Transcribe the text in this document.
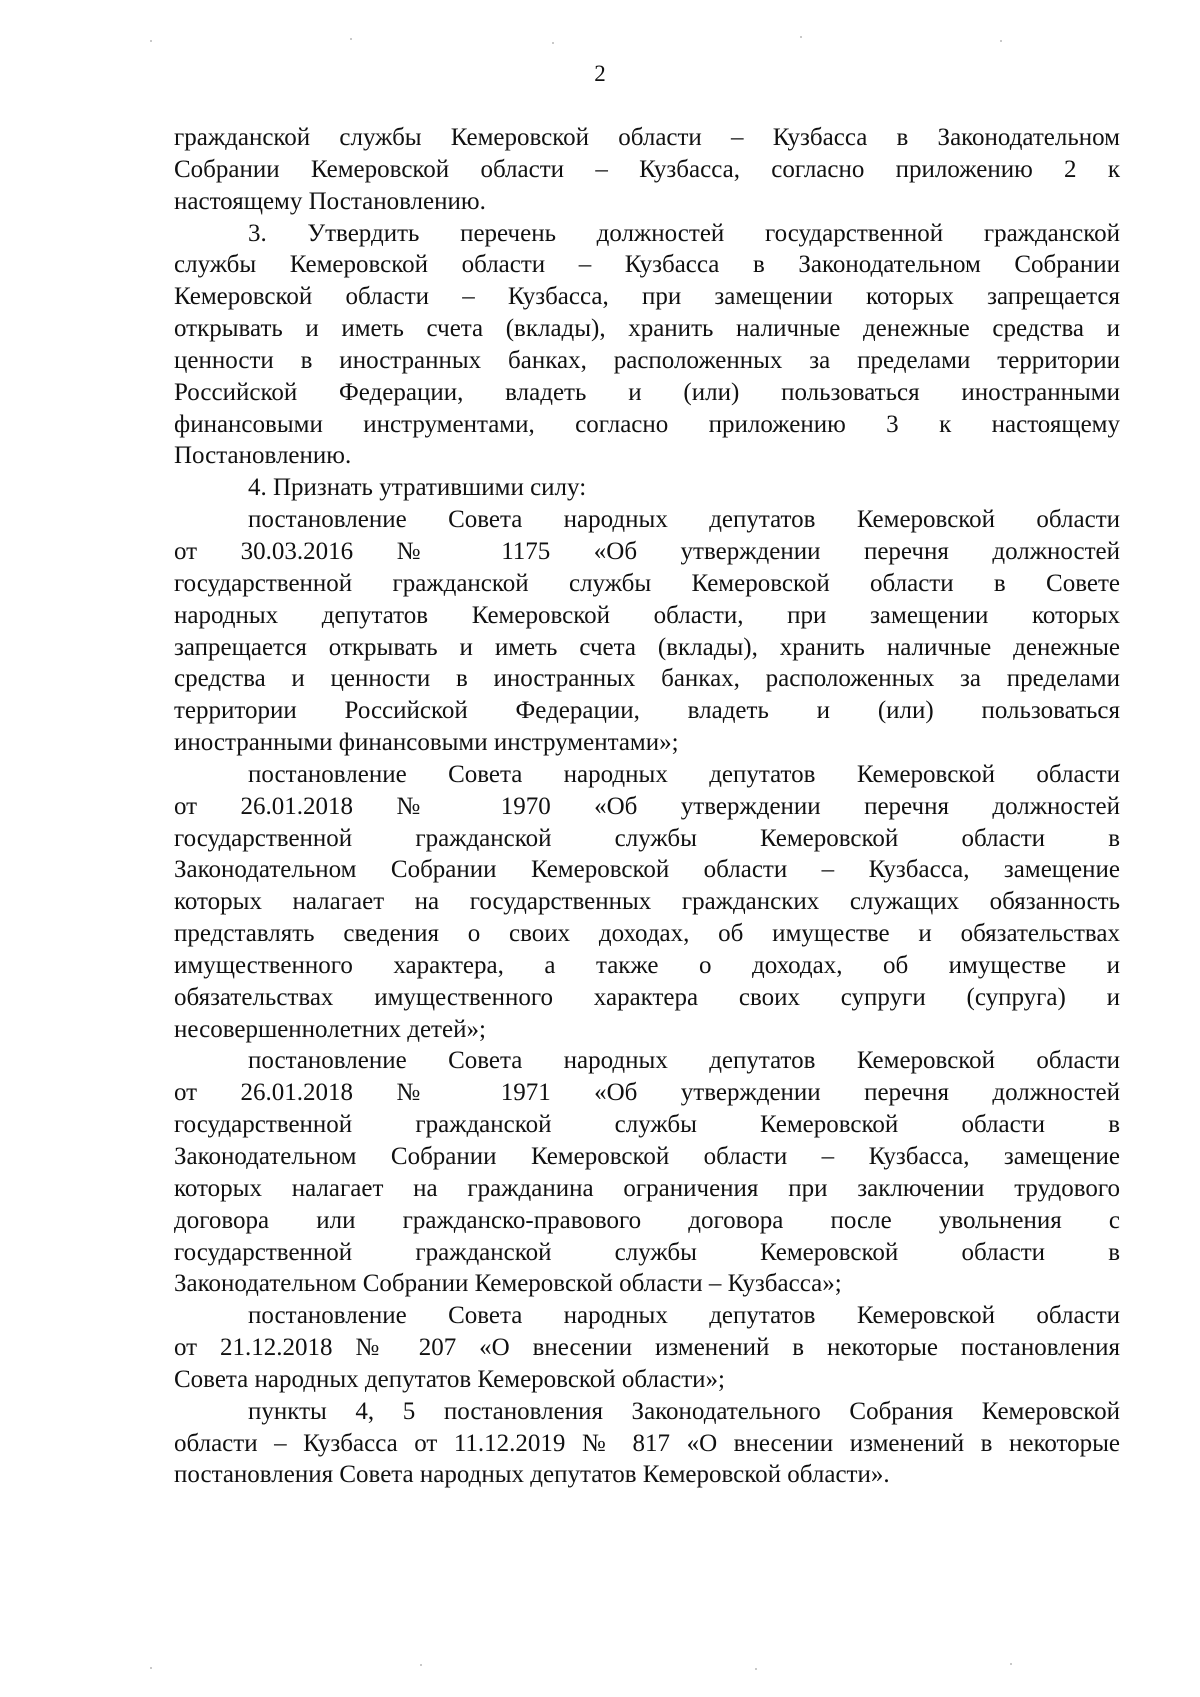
2
гражданской службы Кемеровской области – Кузбасса в Законодательном
Собрании Кемеровской области – Кузбасса, согласно приложению 2 к
настоящему Постановлению.
3. Утвердить перечень должностей государственной гражданской
службы Кемеровской области – Кузбасса в Законодательном Собрании
Кемеровской области – Кузбасса, при замещении которых запрещается
открывать и иметь счета (вклады), хранить наличные денежные средства и
ценности в иностранных банках, расположенных за пределами территории
Российской Федерации, владеть и (или) пользоваться иностранными
финансовыми инструментами, согласно приложению 3 к настоящему
Постановлению.
4. Признать утратившими силу:
постановление Совета народных депутатов Кемеровской области
от 30.03.2016 № 1175 «Об утверждении перечня должностей
государственной гражданской службы Кемеровской области в Совете
народных депутатов Кемеровской области, при замещении которых
запрещается открывать и иметь счета (вклады), хранить наличные денежные
средства и ценности в иностранных банках, расположенных за пределами
территории Российской Федерации, владеть и (или) пользоваться
иностранными финансовыми инструментами»;
постановление Совета народных депутатов Кемеровской области
от 26.01.2018 № 1970 «Об утверждении перечня должностей
государственной гражданской службы Кемеровской области в
Законодательном Собрании Кемеровской области – Кузбасса, замещение
которых налагает на государственных гражданских служащих обязанность
представлять сведения о своих доходах, об имуществе и обязательствах
имущественного характера, а также о доходах, об имуществе и
обязательствах имущественного характера своих супруги (супруга) и
несовершеннолетних детей»;
постановление Совета народных депутатов Кемеровской области
от 26.01.2018 № 1971 «Об утверждении перечня должностей
государственной гражданской службы Кемеровской области в
Законодательном Собрании Кемеровской области – Кузбасса, замещение
которых налагает на гражданина ограничения при заключении трудового
договора или гражданско-правового договора после увольнения с
государственной гражданской службы Кемеровской области в
Законодательном Собрании Кемеровской области – Кузбасса»;
постановление Совета народных депутатов Кемеровской области
от 21.12.2018 № 207 «О внесении изменений в некоторые постановления
Совета народных депутатов Кемеровской области»;
пункты 4, 5 постановления Законодательного Собрания Кемеровской
области – Кузбасса от 11.12.2019 № 817 «О внесении изменений в некоторые
постановления Совета народных депутатов Кемеровской области».
